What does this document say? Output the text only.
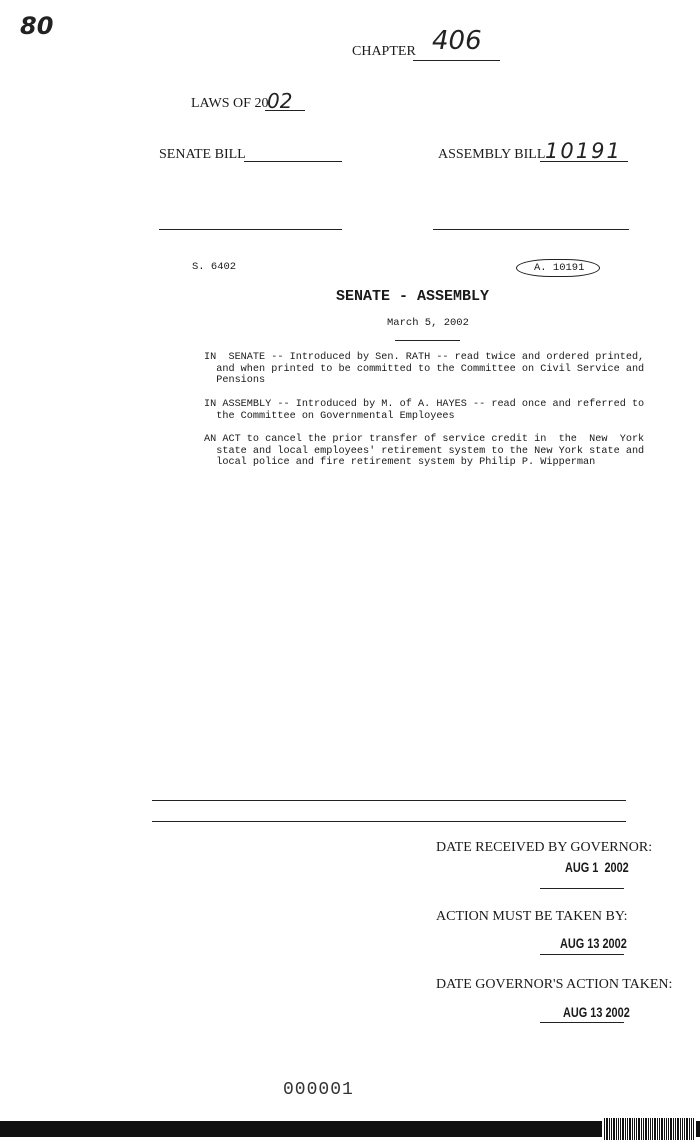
80
CHAPTER 406
LAWS OF 20
02
SENATE BILL	ASSEMBLY BILL 10191
S. 6402	A. 10191
SENATE - ASSEMBLY
March 5, 2002
IN  SENATE -- Introduced by Sen. RATH -- read twice and ordered printed,
and when printed to be committed to the Committee on Civil Service and
Pensions
IN ASSEMBLY -- Introduced by M. of A. HAYES -- read once and referred to
the Committee on Governmental Employees
AN ACT to cancel the prior transfer of service credit in  the  New  York
state and local employees' retirement system to the New York state and
local police and fire retirement system by Philip P. Wipperman
DATE RECEIVED BY GOVERNOR:
AUG 1  2002
ACTION MUST BE TAKEN BY:
AUG 13 2002
DATE GOVERNOR'S ACTION TAKEN:
AUG 13 2002
000001
